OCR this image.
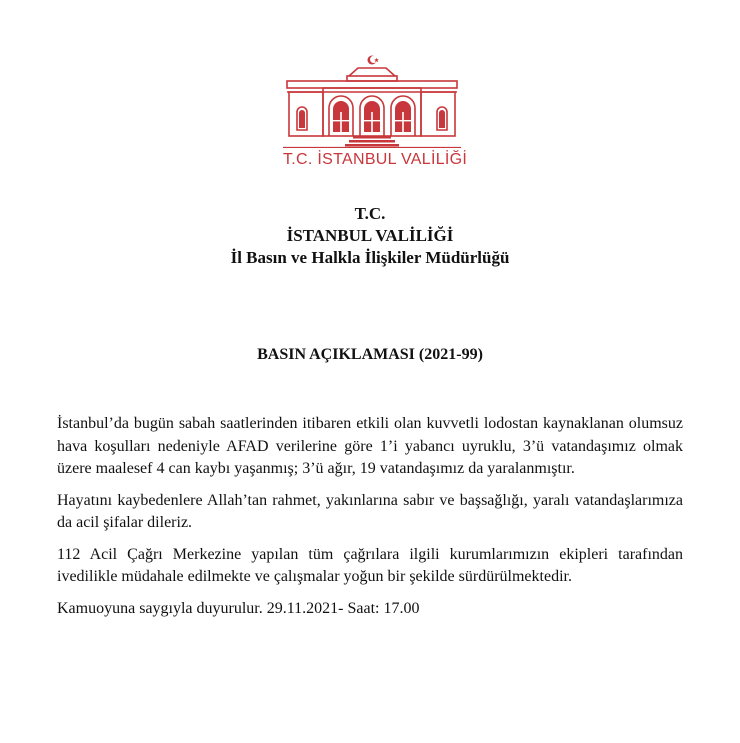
T.C. İSTANBUL VALİLİĞİ
T.C.
İSTANBUL VALİLİĞİ
İl Basın ve Halkla İlişkiler Müdürlüğü
BASIN AÇIKLAMASI (2021-99)

İstanbul’da bugün sabah saatlerinden itibaren etkili olan kuvvetli lodostan kaynaklanan olumsuz hava koşulları nedeniyle AFAD verilerine göre 1’i yabancı uyruklu, 3’ü vatandaşımız olmak üzere maalesef 4 can kaybı yaşanmış; 3’ü ağır, 19 vatandaşımız da yaralanmıştır.

Hayatını kaybedenlere Allah’tan rahmet, yakınlarına sabır ve başsağlığı, yaralı vatandaşlarımıza da acil şifalar dileriz.

112 Acil Çağrı Merkezine yapılan tüm çağrılara ilgili kurumlarımızın ekipleri tarafından ivedilikle müdahale edilmekte ve çalışmalar yoğun bir şekilde sürdürülmektedir.

Kamuoyuna saygıyla duyurulur. 29.11.2021- Saat: 17.00
